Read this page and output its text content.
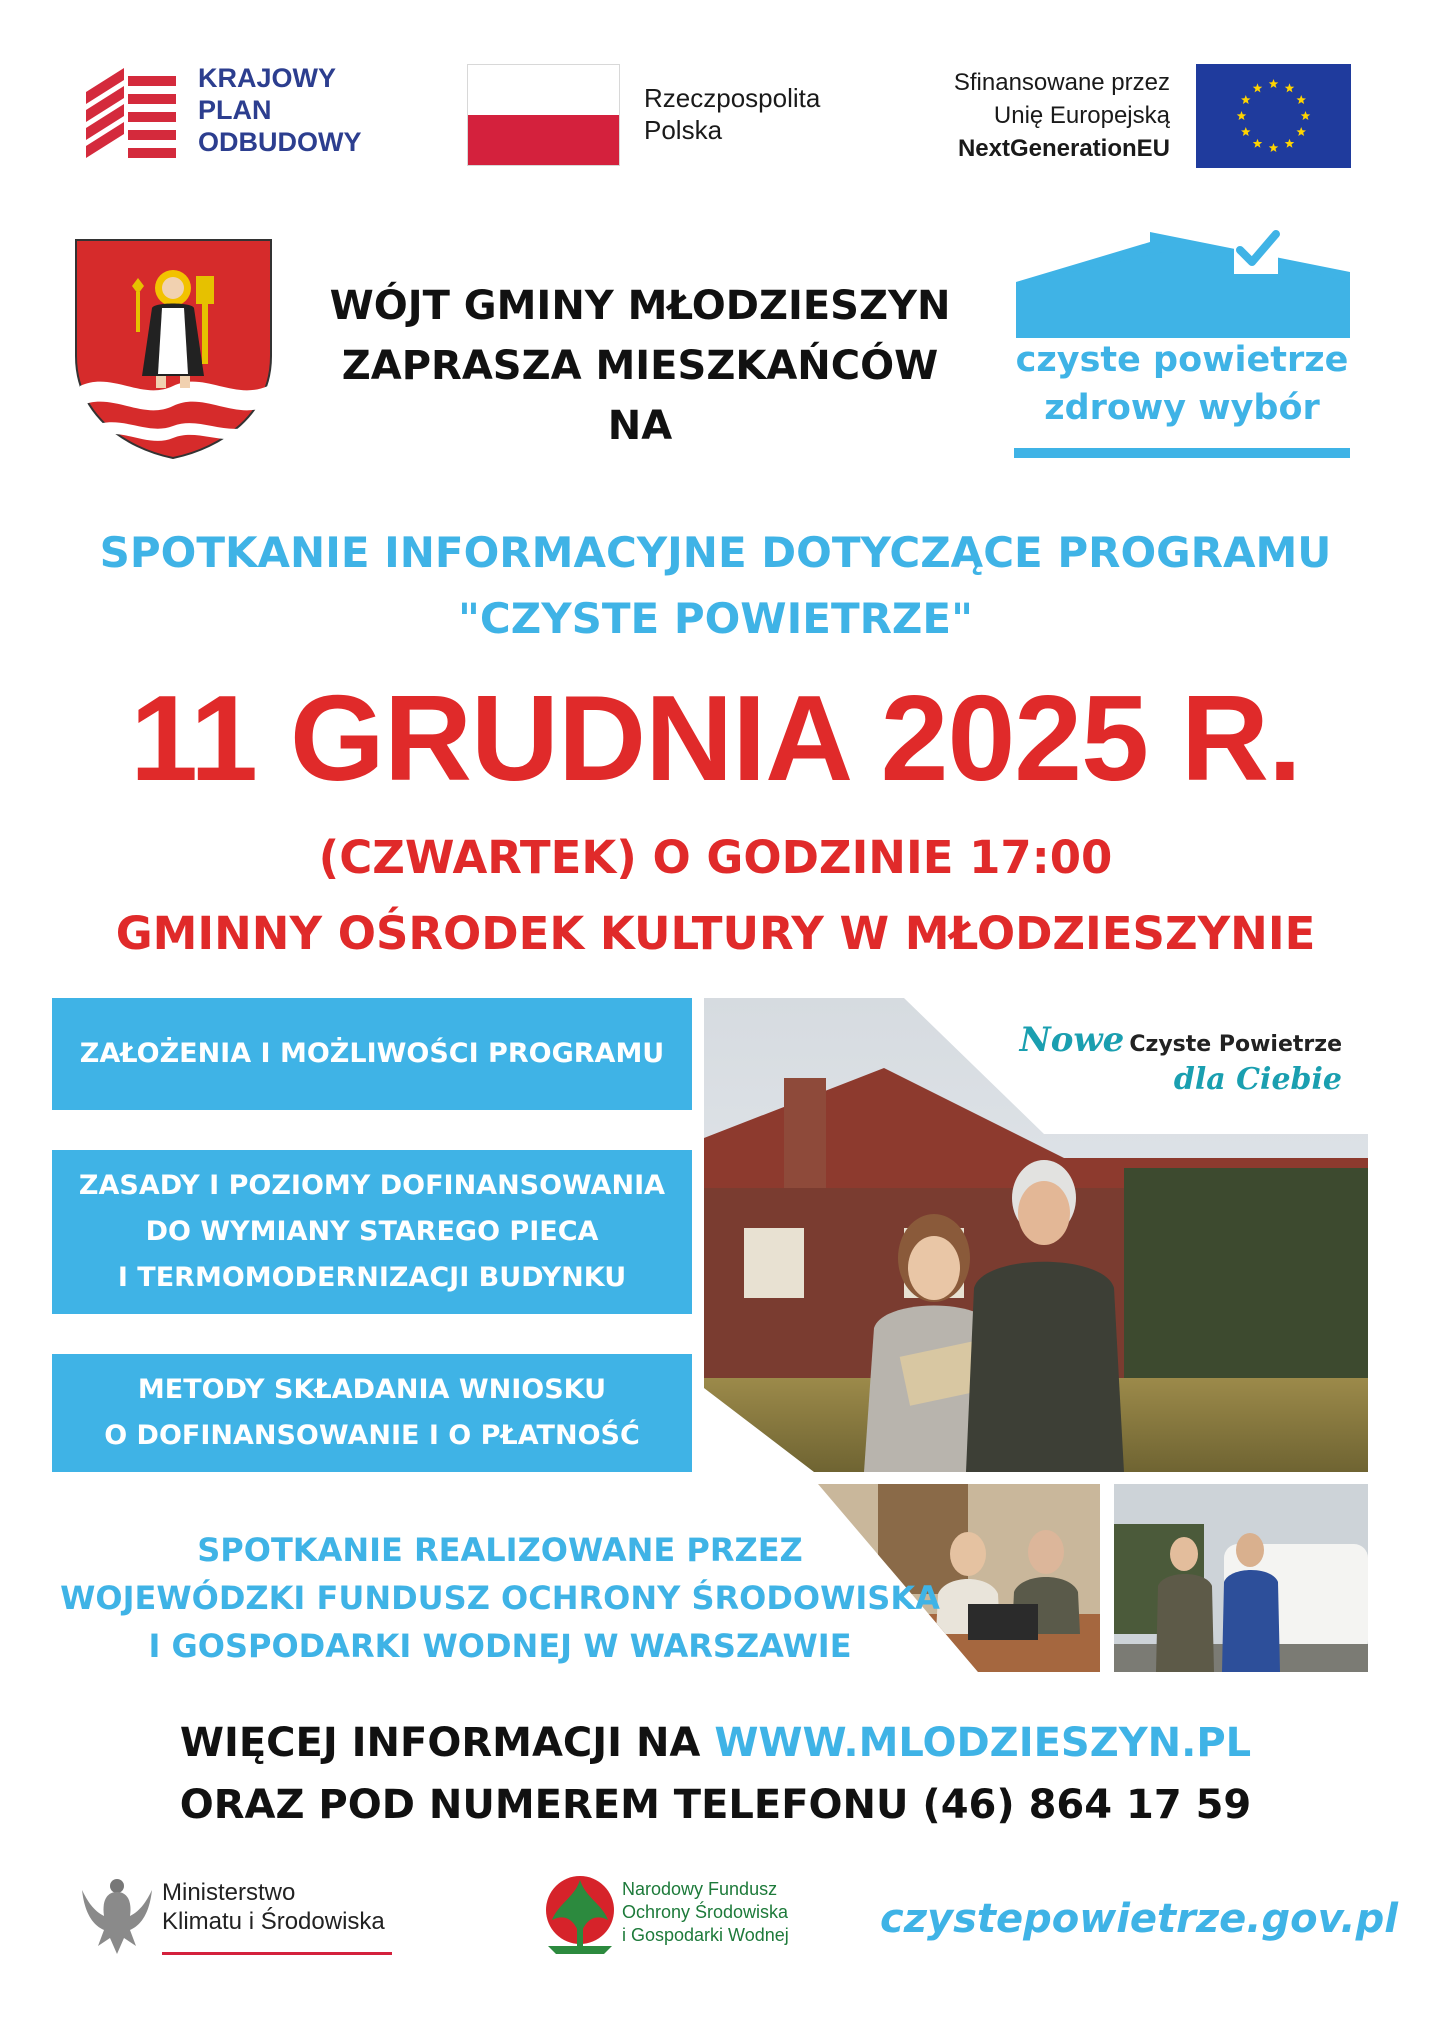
KRAJOWY
PLAN
ODBUDOWY
Rzeczpospolita
Polska
Sfinansowane przez
Unię Europejską
NextGenerationEU
WÓJT GMINY MŁODZIESZYN
ZAPRASZA MIESZKAŃCÓW
NA
czyste powietrze
zdrowy wybór
SPOTKANIE INFORMACYJNE DOTYCZĄCE PROGRAMU
"CZYSTE POWIETRZE"
11 GRUDNIA 2025 R.
(CZWARTEK) O GODZINIE 17:00
GMINNY OŚRODEK KULTURY W MŁODZIESZYNIE
ZAŁOŻENIA I MOŻLIWOŚCI PROGRAMU
ZASADY I POZIOMY DOFINANSOWANIA
DO WYMIANY STAREGO PIECA
I TERMOMODERNIZACJI BUDYNKU
METODY SKŁADANIA WNIOSKU
O DOFINANSOWANIE I O PŁATNOŚĆ
Nowe Czyste Powietrze
dla Ciebie
SPOTKANIE REALIZOWANE PRZEZ
WOJEWÓDZKI FUNDUSZ OCHRONY ŚRODOWISKA
I GOSPODARKI WODNEJ W WARSZAWIE
WIĘCEJ INFORMACJI NA WWW.MLODZIESZYN.PL
ORAZ POD NUMEREM TELEFONU (46) 864 17 59
Ministerstwo
Klimatu i Środowiska
Narodowy Fundusz
Ochrony Środowiska
i Gospodarki Wodnej czystepowietrze.gov.pl
